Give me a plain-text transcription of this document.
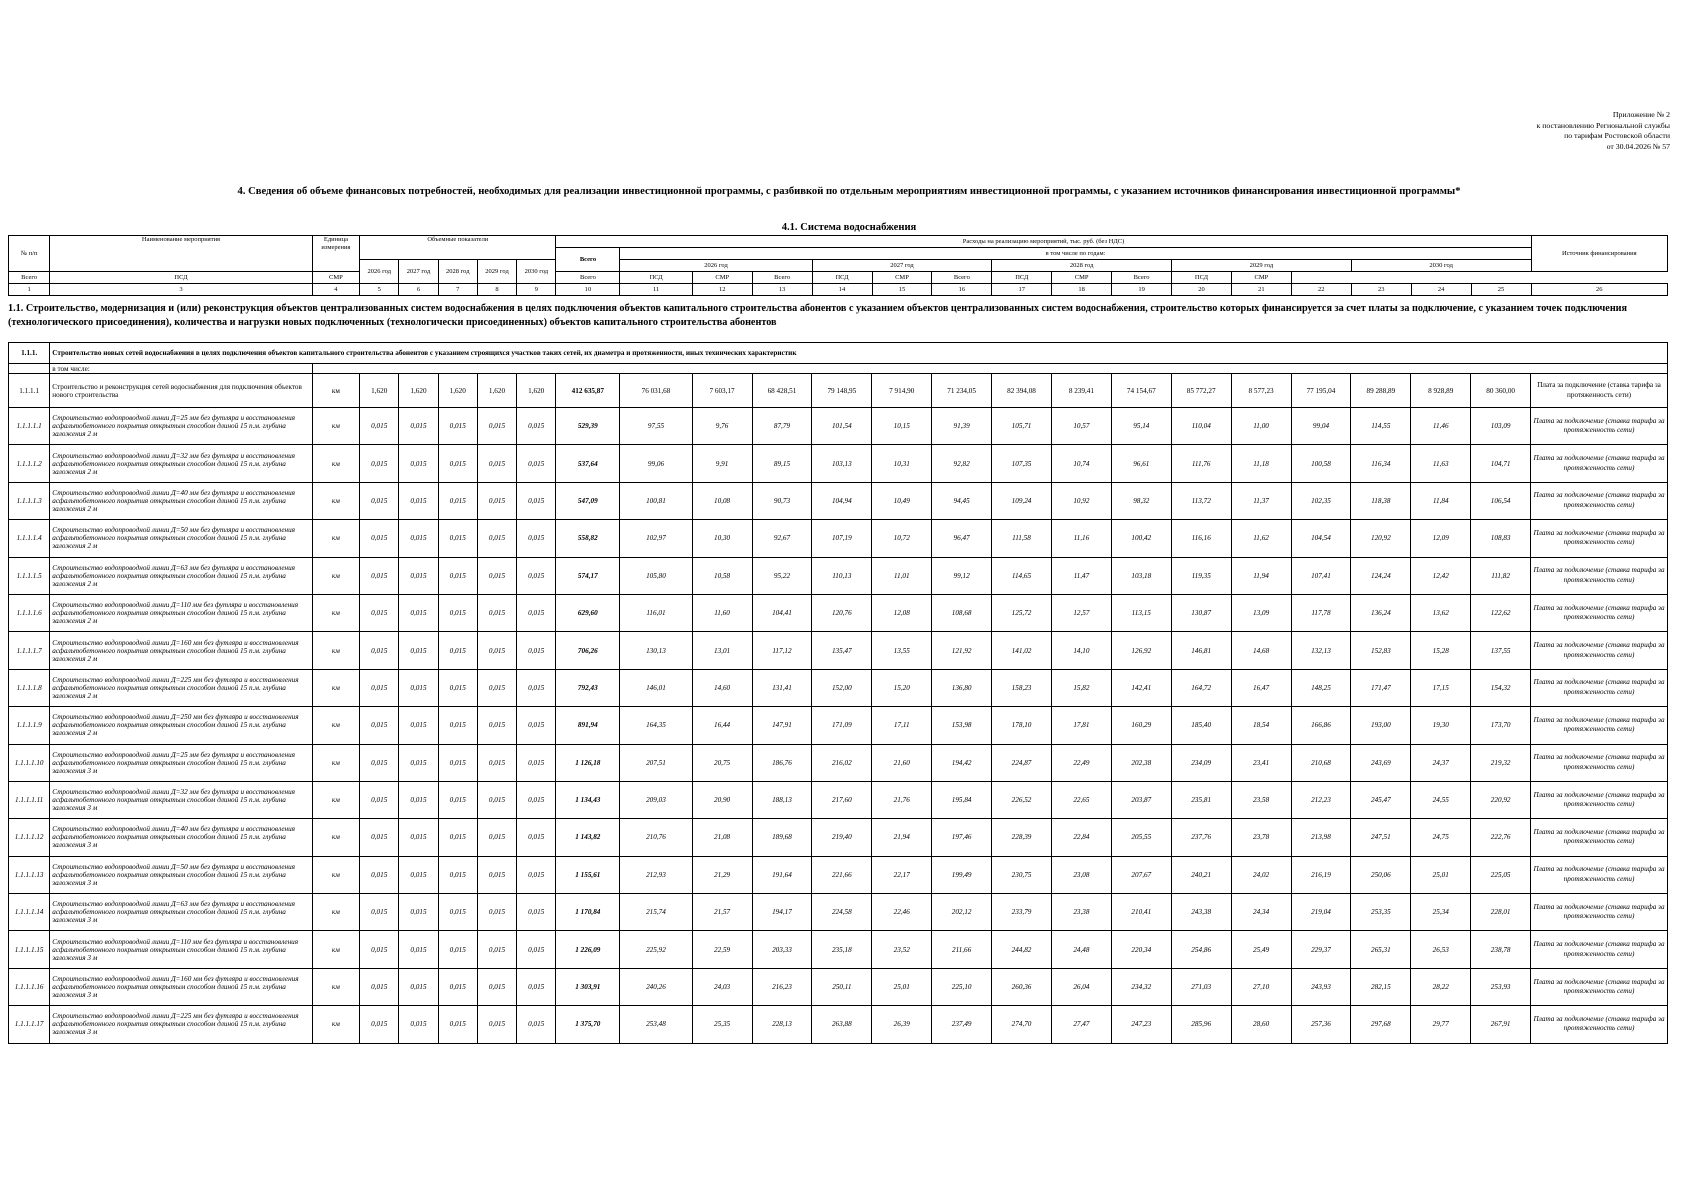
Приложение № 2
к постановлению Региональной службы
по тарифам Ростовской области
от 30.04.2026 № 57
4. Сведения об объеме финансовых потребностей, необходимых для реализации инвестиционной программы, с разбивкой по отдельным мероприятиям инвестиционной программы, с указанием источников финансирования инвестиционной программы*
4.1. Система водоснабжения
№ п/п	Наименование мероприятия	Единица измерения	Объемные показатели					Расходы на реализацию мероприятий, тыс. руб. (без НДС)																Источник финансирования
								Всего	в том числе по годам:															
			2026 год	2027 год	2028 год	2029 год	2030 год		2026 год			2027 год			2028 год			2029 год			2030 год			
Всего	ПСД	СМР						Всего	ПСД	СМР	Всего	ПСД	СМР	Всего	ПСД	СМР	Всего	ПСД	СМР					
1	3	4	5	6	7	8	9	10	11	12	13	14	15	16	17	18	19	20	21	22	23	24	25	26
1.1. Строительство, модернизация и (или) реконструкция объектов централизованных систем водоснабжения в целях подключения объектов капитального строительства абонентов с указанием объектов централизованных систем водоснабжения, строительство которых финансируется за счет платы за подключение, с указанием точек подключения (технологического присоединения), количества и нагрузки новых подключенных (технологически присоединенных) объектов капитального строительства абонентов
1.1.1.	Строительство новых сетей водоснабжения в целях подключения объектов капитального строительства абонентов с указанием строящихся участков таких сетей, их диаметра и протяженности, иных технических характеристик																							
	в том числе:																							
1.1.1.1	Строительство и реконструкция сетей водоснабжения для подключения объектов нового строительства	км	1,620	1,620	1,620	1,620	1,620	412 635,87	76 031,68	7 603,17	68 428,51	79 148,95	7 914,90	71 234,05	82 394,08	8 239,41	74 154,67	85 772,27	8 577,23	77 195,04	89 288,89	8 928,89	80 360,00	Плата за подключение (ставка тарифа за протяженность сети)
1.1.1.1.1	Строительство водопроводной линии Д=25 мм без футляра и восстановления асфальтобетонного покрытия открытым способом длиной 15 п.м. глубина заложения 2 м	км	0,015	0,015	0,015	0,015	0,015	529,39	97,55	9,76	87,79	101,54	10,15	91,39	105,71	10,57	95,14	110,04	11,00	99,04	114,55	11,46	103,09	Плата за подключение (ставка тарифа за протяженность сети)
1.1.1.1.2	Строительство водопроводной линии Д=32 мм без футляра и восстановления асфальтобетонного покрытия открытым способом длиной 15 п.м. глубина заложения 2 м	км	0,015	0,015	0,015	0,015	0,015	537,64	99,06	9,91	89,15	103,13	10,31	92,82	107,35	10,74	96,61	111,76	11,18	100,58	116,34	11,63	104,71	Плата за подключение (ставка тарифа за протяженность сети)
1.1.1.1.3	Строительство водопроводной линии Д=40 мм без футляра и восстановления асфальтобетонного покрытия открытым способом длиной 15 п.м. глубина заложения 2 м	км	0,015	0,015	0,015	0,015	0,015	547,09	100,81	10,08	90,73	104,94	10,49	94,45	109,24	10,92	98,32	113,72	11,37	102,35	118,38	11,84	106,54	Плата за подключение (ставка тарифа за протяженность сети)
1.1.1.1.4	Строительство водопроводной линии Д=50 мм без футляра и восстановления асфальтобетонного покрытия открытым способом длиной 15 п.м. глубина заложения 2 м	км	0,015	0,015	0,015	0,015	0,015	558,82	102,97	10,30	92,67	107,19	10,72	96,47	111,58	11,16	100,42	116,16	11,62	104,54	120,92	12,09	108,83	Плата за подключение (ставка тарифа за протяженность сети)
1.1.1.1.5	Строительство водопроводной линии Д=63 мм без футляра и восстановления асфальтобетонного покрытия открытым способом длиной 15 п.м. глубина заложения 2 м	км	0,015	0,015	0,015	0,015	0,015	574,17	105,80	10,58	95,22	110,13	11,01	99,12	114,65	11,47	103,18	119,35	11,94	107,41	124,24	12,42	111,82	Плата за подключение (ставка тарифа за протяженность сети)
1.1.1.1.6	Строительство водопроводной линии Д=110 мм без футляра и восстановления асфальтобетонного покрытия открытым способом длиной 15 п.м. глубина заложения 2 м	км	0,015	0,015	0,015	0,015	0,015	629,60	116,01	11,60	104,41	120,76	12,08	108,68	125,72	12,57	113,15	130,87	13,09	117,78	136,24	13,62	122,62	Плата за подключение (ставка тарифа за протяженность сети)
1.1.1.1.7	Строительство водопроводной линии Д=160 мм без футляра и восстановления асфальтобетонного покрытия открытым способом длиной 15 п.м. глубина заложения 2 м	км	0,015	0,015	0,015	0,015	0,015	706,26	130,13	13,01	117,12	135,47	13,55	121,92	141,02	14,10	126,92	146,81	14,68	132,13	152,83	15,28	137,55	Плата за подключение (ставка тарифа за протяженность сети)
1.1.1.1.8	Строительство водопроводной линии Д=225 мм без футляра и восстановления асфальтобетонного покрытия открытым способом длиной 15 п.м. глубина заложения 2 м	км	0,015	0,015	0,015	0,015	0,015	792,43	146,01	14,60	131,41	152,00	15,20	136,80	158,23	15,82	142,41	164,72	16,47	148,25	171,47	17,15	154,32	Плата за подключение (ставка тарифа за протяженность сети)
1.1.1.1.9	Строительство водопроводной линии Д=250 мм без футляра и восстановления асфальтобетонного покрытия открытым способом длиной 15 п.м. глубина заложения 2 м	км	0,015	0,015	0,015	0,015	0,015	891,94	164,35	16,44	147,91	171,09	17,11	153,98	178,10	17,81	160,29	185,40	18,54	166,86	193,00	19,30	173,70	Плата за подключение (ставка тарифа за протяженность сети)
1.1.1.1.10	Строительство водопроводной линии Д=25 мм без футляра и восстановления асфальтобетонного покрытия открытым способом длиной 15 п.м. глубина заложения 3 м	км	0,015	0,015	0,015	0,015	0,015	1 126,18	207,51	20,75	186,76	216,02	21,60	194,42	224,87	22,49	202,38	234,09	23,41	210,68	243,69	24,37	219,32	Плата за подключение (ставка тарифа за протяженность сети)
1.1.1.1.11	Строительство водопроводной линии Д=32 мм без футляра и восстановления асфальтобетонного покрытия открытым способом длиной 15 п.м. глубина заложения 3 м	км	0,015	0,015	0,015	0,015	0,015	1 134,43	209,03	20,90	188,13	217,60	21,76	195,84	226,52	22,65	203,87	235,81	23,58	212,23	245,47	24,55	220,92	Плата за подключение (ставка тарифа за протяженность сети)
1.1.1.1.12	Строительство водопроводной линии Д=40 мм без футляра и восстановления асфальтобетонного покрытия открытым способом длиной 15 п.м. глубина заложения 3 м	км	0,015	0,015	0,015	0,015	0,015	1 143,82	210,76	21,08	189,68	219,40	21,94	197,46	228,39	22,84	205,55	237,76	23,78	213,98	247,51	24,75	222,76	Плата за подключение (ставка тарифа за протяженность сети)
1.1.1.1.13	Строительство водопроводной линии Д=50 мм без футляра и восстановления асфальтобетонного покрытия открытым способом длиной 15 п.м. глубина заложения 3 м	км	0,015	0,015	0,015	0,015	0,015	1 155,61	212,93	21,29	191,64	221,66	22,17	199,49	230,75	23,08	207,67	240,21	24,02	216,19	250,06	25,01	225,05	Плата за подключение (ставка тарифа за протяженность сети)
1.1.1.1.14	Строительство водопроводной линии Д=63 мм без футляра и восстановления асфальтобетонного покрытия открытым способом длиной 15 п.м. глубина заложения 3 м	км	0,015	0,015	0,015	0,015	0,015	1 170,84	215,74	21,57	194,17	224,58	22,46	202,12	233,79	23,38	210,41	243,38	24,34	219,04	253,35	25,34	228,01	Плата за подключение (ставка тарифа за протяженность сети)
1.1.1.1.15	Строительство водопроводной линии Д=110 мм без футляра и восстановления асфальтобетонного покрытия открытым способом длиной 15 п.м. глубина заложения 3 м	км	0,015	0,015	0,015	0,015	0,015	1 226,09	225,92	22,59	203,33	235,18	23,52	211,66	244,82	24,48	220,34	254,86	25,49	229,37	265,31	26,53	238,78	Плата за подключение (ставка тарифа за протяженность сети)
1.1.1.1.16	Строительство водопроводной линии Д=160 мм без футляра и восстановления асфальтобетонного покрытия открытым способом длиной 15 п.м. глубина заложения 3 м	км	0,015	0,015	0,015	0,015	0,015	1 303,91	240,26	24,03	216,23	250,11	25,01	225,10	260,36	26,04	234,32	271,03	27,10	243,93	282,15	28,22	253,93	Плата за подключение (ставка тарифа за протяженность сети)
1.1.1.1.17	Строительство водопроводной линии Д=225 мм без футляра и восстановления асфальтобетонного покрытия открытым способом длиной 15 п.м. глубина заложения 3 м	км	0,015	0,015	0,015	0,015	0,015	1 375,70	253,48	25,35	228,13	263,88	26,39	237,49	274,70	27,47	247,23	285,96	28,60	257,36	297,68	29,77	267,91	Плата за подключение (ставка тарифа за протяженность сети)
